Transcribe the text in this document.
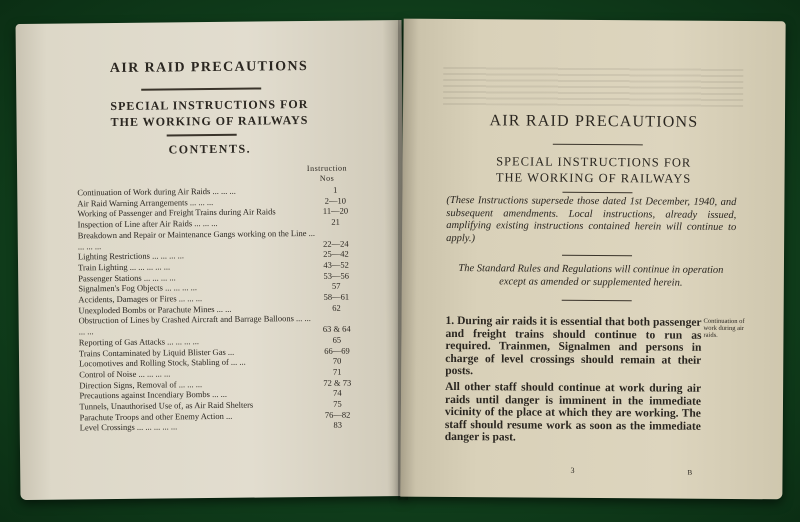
AIR RAID PRECAUTIONS
SPECIAL INSTRUCTIONS FOR
THE WORKING OF RAILWAYS
CONTENTS.
Instruction
Nos
Continuation of Work during Air Raids ... ... ...	1
Air Raid Warning Arrangements ... ... ...	2—10
Working of Passenger and Freight Trains during Air Raids	11—20
Inspection of Line after Air Raids ... ... ...	21
Breakdown and Repair or Maintenance Gangs working on the Line ... ... ... ...	22—24
Lighting Restrictions ... ... ... ...	25—42
Train Lighting ... ... ... ... ...	43—52
Passenger Stations ... ... ... ...	53—56
Signalmen's Fog Objects ... ... ... ...	57
Accidents, Damages or Fires ... ... ...	58—61
Unexploded Bombs or Parachute Mines ... ...	62
Obstruction of Lines by Crashed Aircraft and Barrage Balloons ... ... ... ...	63 & 64
Reporting of Gas Attacks ... ... ... ...	65
Trains Contaminated by Liquid Blister Gas ...	66—69
Locomotives and Rolling Stock, Stabling of ... ...	70
Control of Noise ... ... ... ...	71
Direction Signs, Removal of ... ... ...	72 & 73
Precautions against Incendiary Bombs ... ...	74
Tunnels, Unauthorised Use of, as Air Raid Shelters	75
Parachute Troops and other Enemy Action ...	76—82
Level Crossings ... ... ... ... ...	83
AIR RAID PRECAUTIONS
SPECIAL INSTRUCTIONS FOR
THE WORKING OF RAILWAYS
(These Instructions supersede those dated 1st December, 1940, and subsequent amendments. Local instructions, already issued, amplifying existing instructions contained herein will continue to apply.)
The Standard Rules and Regulations will continue in operation except as amended or supplemented herein.
1. During air raids it is essential that both passenger and freight trains should continue to run as required. Trainmen, Signalmen and persons in charge of level crossings should remain at their posts.
Continuation of work during air raids.
All other staff should continue at work during air raids until danger is imminent in the immediate vicinity of the place at which they are working. The staff should resume work as soon as the immediate danger is past.
3	B
